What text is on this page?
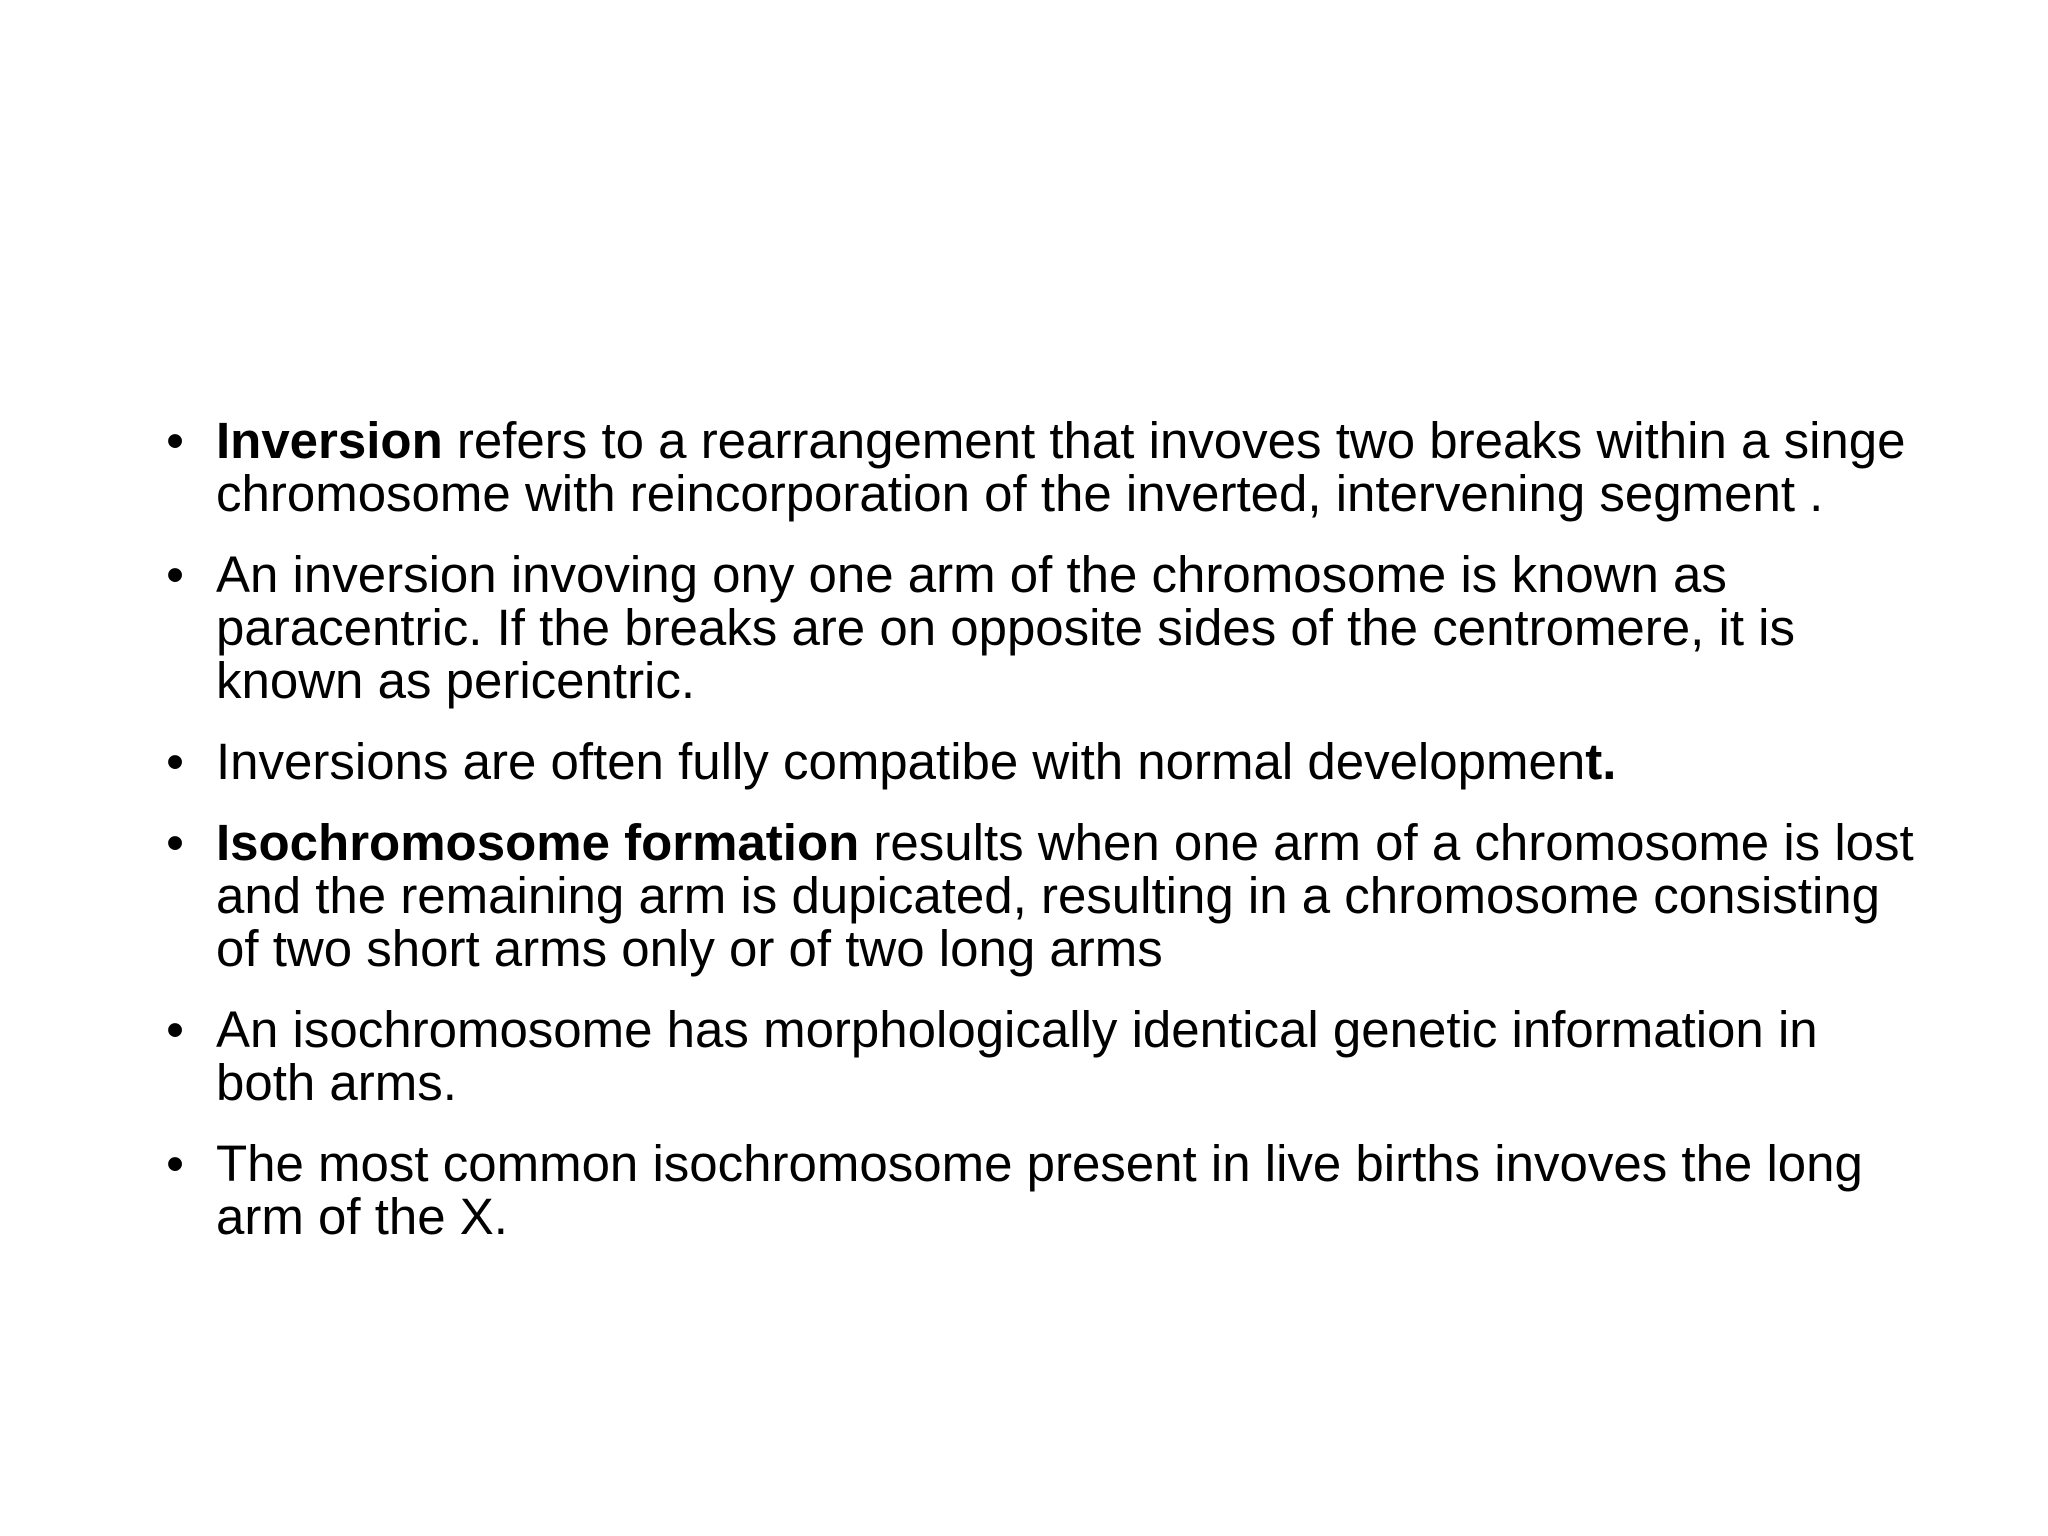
• Inversion refers to a rearrangement that invoves two breaks within a singe chromosome with reincorporation of the inverted, intervening segment .
• An inversion invoving ony one arm of the chromosome is known as paracentric. If the breaks are on opposite sides of the centromere, it is known as pericentric.
• Inversions are often fully compatibe with normal development.
• Isochromosome formation results when one arm of a chromosome is lost and the remaining arm is dupicated, resulting in a chromosome consisting of two short arms only or of two long arms
• An isochromosome has morphologically identical genetic information in both arms.
• The most common isochromosome present in live births invoves the long arm of the X.
